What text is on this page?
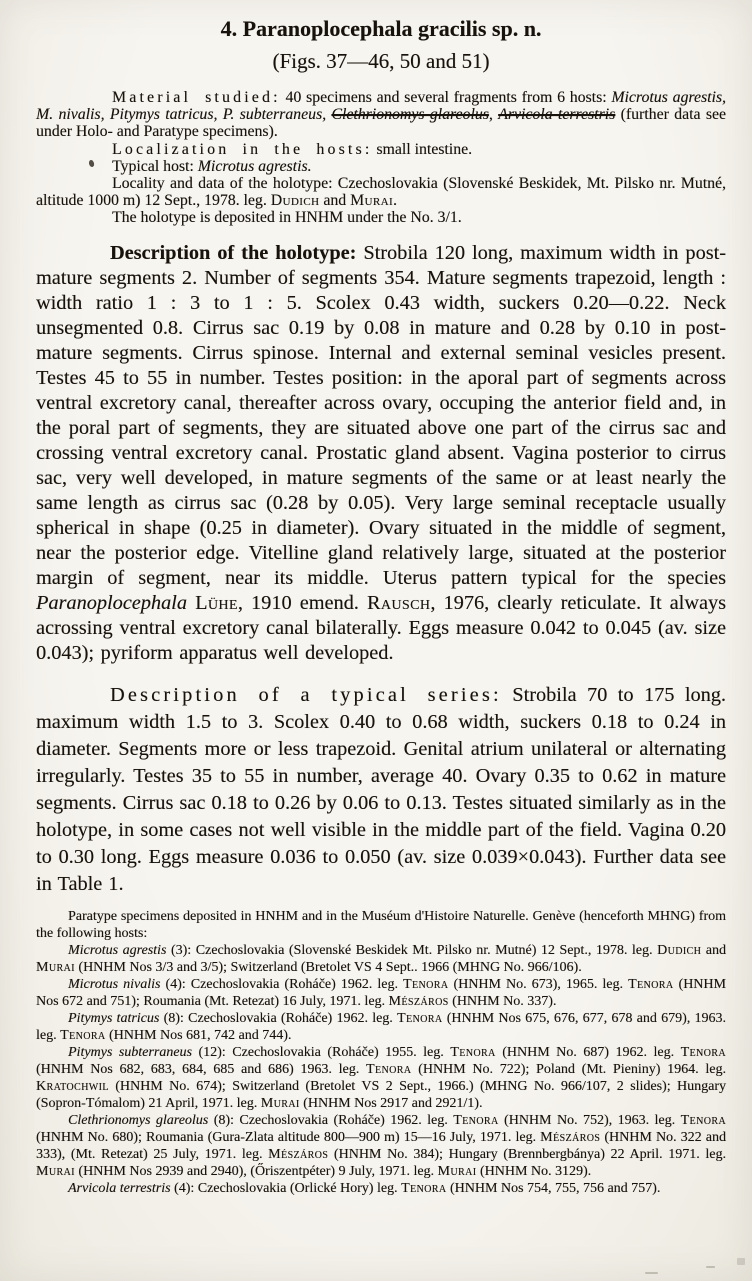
4. Paranoplocephala gracilis sp. n.
(Figs. 37—46, 50 and 51)

Material studied: 40 specimens and several fragments from 6 hosts: Microtus agrestis, M. nivalis, Pitymys tatricus, P. subterraneus, Clethrionomys glareolus, Arvicola terrestris (further data see under Holo- and Paratype specimens).

Localization in the hosts: small intestine.

Typical host: Microtus agrestis.

Locality and data of the holotype: Czechoslovakia (Slovenské Beskidek, Mt. Pilsko nr. Mutné, altitude 1000 m) 12 Sept., 1978. leg. Dudich and Murai.

The holotype is deposited in HNHM under the No. 3/1.

Description of the holotype: Strobila 120 long, maximum width in post-mature segments 2. Number of segments 354. Mature segments trapezoid, length : width ratio 1 : 3 to 1 : 5. Scolex 0.43 width, suckers 0.20—0.22. Neck unsegmented 0.8. Cirrus sac 0.19 by 0.08 in mature and 0.28 by 0.10 in post-mature segments. Cirrus spinose. Internal and external seminal vesicles present. Testes 45 to 55 in number. Testes position: in the aporal part of segments across ventral excretory canal, thereafter across ovary, occuping the anterior field and, in the poral part of segments, they are situated above one part of the cirrus sac and crossing ventral excretory canal. Prostatic gland absent. Vagina posterior to cirrus sac, very well developed, in mature segments of the same or at least nearly the same length as cirrus sac (0.28 by 0.05). Very large seminal receptacle usually spherical in shape (0.25 in diameter). Ovary situated in the middle of segment, near the posterior edge. Vitelline gland relatively large, situated at the posterior margin of segment, near its middle. Uterus pattern typical for the species Paranoplocephala Lühe, 1910 emend. Rausch, 1976, clearly reticulate. It always acrossing ventral excretory canal bilaterally. Eggs measure 0.042 to 0.045 (av. size 0.043); pyriform apparatus well developed.

Description of a typical series: Strobila 70 to 175 long. maximum width 1.5 to 3. Scolex 0.40 to 0.68 width, suckers 0.18 to 0.24 in diameter. Segments more or less trapezoid. Genital atrium unilateral or alternating irregularly. Testes 35 to 55 in number, average 40. Ovary 0.35 to 0.62 in mature segments. Cirrus sac 0.18 to 0.26 by 0.06 to 0.13. Testes situated similarly as in the holotype, in some cases not well visible in the middle part of the field. Vagina 0.20 to 0.30 long. Eggs measure 0.036 to 0.050 (av. size 0.039×0.043). Further data see in Table 1.

Paratype specimens deposited in HNHM and in the Muséum d'Histoire Naturelle. Genève (henceforth MHNG) from the following hosts:

Microtus agrestis (3): Czechoslovakia (Slovenské Beskidek Mt. Pilsko nr. Mutné) 12 Sept., 1978. leg. Dudich and Murai (HNHM Nos 3/3 and 3/5); Switzerland (Bretolet VS 4 Sept.. 1966 (MHNG No. 966/106).

Microtus nivalis (4): Czechoslovakia (Roháče) 1962. leg. Tenora (HNHM No. 673), 1965. leg. Tenora (HNHM Nos 672 and 751); Roumania (Mt. Retezat) 16 July, 1971. leg. Mészáros (HNHM No. 337).

Pitymys tatricus (8): Czechoslovakia (Roháče) 1962. leg. Tenora (HNHM Nos 675, 676, 677, 678 and 679), 1963. leg. Tenora (HNHM Nos 681, 742 and 744).

Pitymys subterraneus (12): Czechoslovakia (Roháče) 1955. leg. Tenora (HNHM No. 687) 1962. leg. Tenora (HNHM Nos 682, 683, 684, 685 and 686) 1963. leg. Tenora (HNHM No. 722); Poland (Mt. Pieniny) 1964. leg. Kratochwil (HNHM No. 674); Switzerland (Bretolet VS 2 Sept., 1966.) (MHNG No. 966/107, 2 slides); Hungary (Sopron-Tómalom) 21 April, 1971. leg. Murai (HNHM Nos 2917 and 2921/1).

Clethrionomys glareolus (8): Czechoslovakia (Roháče) 1962. leg. Tenora (HNHM No. 752), 1963. leg. Tenora (HNHM No. 680); Roumania (Gura-Zlata altitude 800—900 m) 15—16 July, 1971. leg. Mészáros (HNHM No. 322 and 333), (Mt. Retezat) 25 July, 1971. leg. Mészáros (HNHM No. 384); Hungary (Brennbergbánya) 22 April. 1971. leg. Murai (HNHM Nos 2939 and 2940), (Őriszentpéter) 9 July, 1971. leg. Murai (HNHM No. 3129).

Arvicola terrestris (4): Czechoslovakia (Orlické Hory) leg. Tenora (HNHM Nos 754, 755, 756 and 757).
